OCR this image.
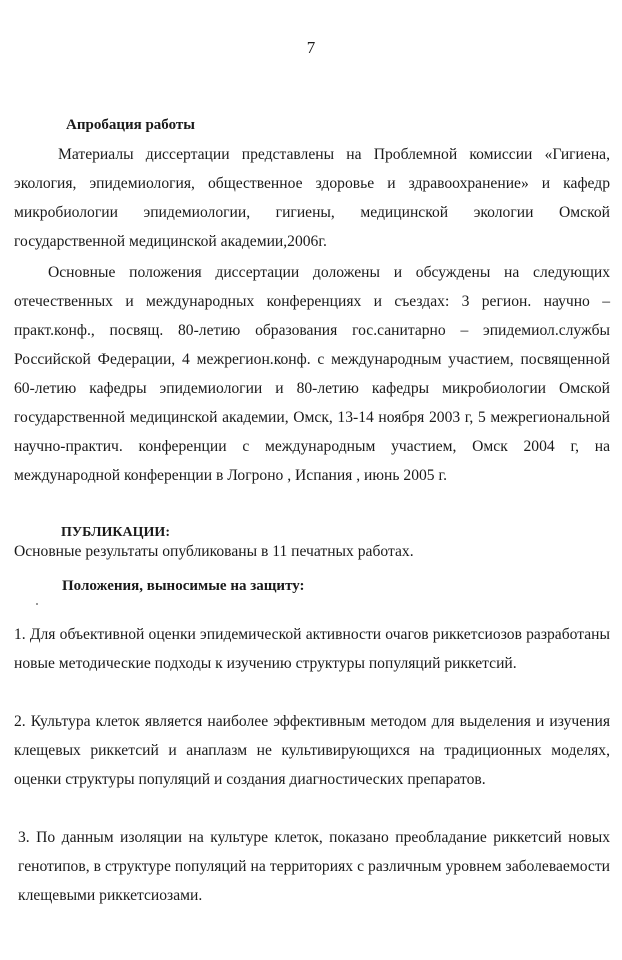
7
Апробация работы

Материалы диссертации представлены на Проблемной комиссии «Гигиена, экология, эпидемиология, общественное здоровье и здравоохранение» и кафедр микробиологии эпидемиологии, гигиены, медицинской экологии Омской государственной медицинской академии,2006г.

Основные положения диссертации доложены и обсуждены на следующих отечественных и международных конференциях и съездах: 3 регион. научно – практ.конф., посвящ. 80-летию образования гос.санитарно – эпидемиол.службы Российской Федерации, 4 межрегион.конф. с международным участием, посвященной 60-летию кафедры эпидемиологии и 80-летию кафедры микробиологии Омской государственной медицинской академии, Омск, 13-14 ноября 2003 г, 5 межрегиональной научно-практич. конференции с международным участием, Омск 2004 г, на международной конференции в Логроно , Испания , июнь 2005 г.

ПУБЛИКАЦИИ:

Основные результаты опубликованы в 11 печатных работах.

Положения, выносимые на защиту:

1. Для объективной оценки эпидемической активности очагов риккетсиозов разработаны новые методические подходы к изучению структуры популяций риккетсий.

2. Культура клеток является наиболее эффективным методом для выделения и изучения клещевых риккетсий и анаплазм не культивирующихся на традиционных моделях, оценки структуры популяций и создания диагностических препаратов.

3. По данным изоляции на культуре клеток, показано преобладание риккетсий новых генотипов, в структуре популяций на территориях с различным уровнем заболеваемости клещевыми риккетсиозами.
